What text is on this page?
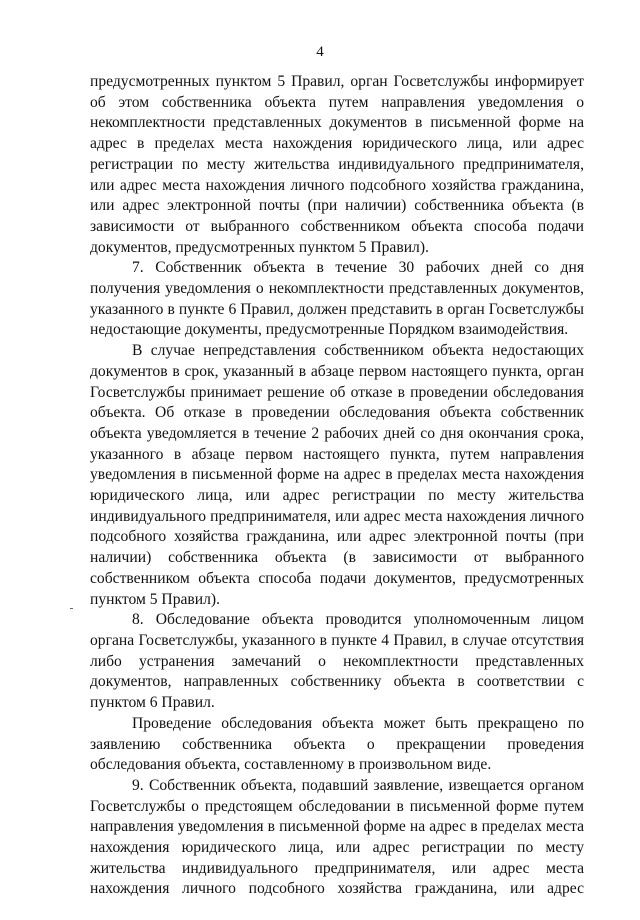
4

предусмотренных пунктом 5 Правил, орган Госветслужбы информирует об этом собственника объекта путем направления уведомления о некомплектности представленных документов в письменной форме на адрес в пределах места нахождения юридического лица, или адрес регистрации по месту жительства индивидуального предпринимателя, или адрес места нахождения личного подсобного хозяйства гражданина, или адрес электронной почты (при наличии) собственника объекта (в зависимости от выбранного собственником объекта способа подачи документов, предусмотренных пунктом 5 Правил).

7. Собственник объекта в течение 30 рабочих дней со дня получения уведомления о некомплектности представленных документов, указанного в пункте 6 Правил, должен представить в орган Госветслужбы недостающие документы, предусмотренные Порядком взаимодействия.

В случае непредставления собственником объекта недостающих документов в срок, указанный в абзаце первом настоящего пункта, орган Госветслужбы принимает решение об отказе в проведении обследования объекта. Об отказе в проведении обследования объекта собственник объекта уведомляется в течение 2 рабочих дней со дня окончания срока, указанного в абзаце первом настоящего пункта, путем направления уведомления в письменной форме на адрес в пределах места нахождения юридического лица, или адрес регистрации по месту жительства индивидуального предпринимателя, или адрес места нахождения личного подсобного хозяйства гражданина, или адрес электронной почты (при наличии) собственника объекта (в зависимости от выбранного собственником объекта способа подачи документов, предусмотренных пунктом 5 Правил).

8. Обследование объекта проводится уполномоченным лицом органа Госветслужбы, указанного в пункте 4 Правил, в случае отсутствия либо устранения замечаний о некомплектности представленных документов, направленных собственнику объекта в соответствии с пунктом 6 Правил.

Проведение обследования объекта может быть прекращено по заявлению собственника объекта о прекращении проведения обследования объекта, составленному в произвольном виде.

9. Собственник объекта, подавший заявление, извещается органом Госветслужбы о предстоящем обследовании в письменной форме путем направления уведомления в письменной форме на адрес в пределах места нахождения юридического лица, или адрес регистрации по месту жительства индивидуального предпринимателя, или адрес места нахождения личного подсобного хозяйства гражданина, или адрес
